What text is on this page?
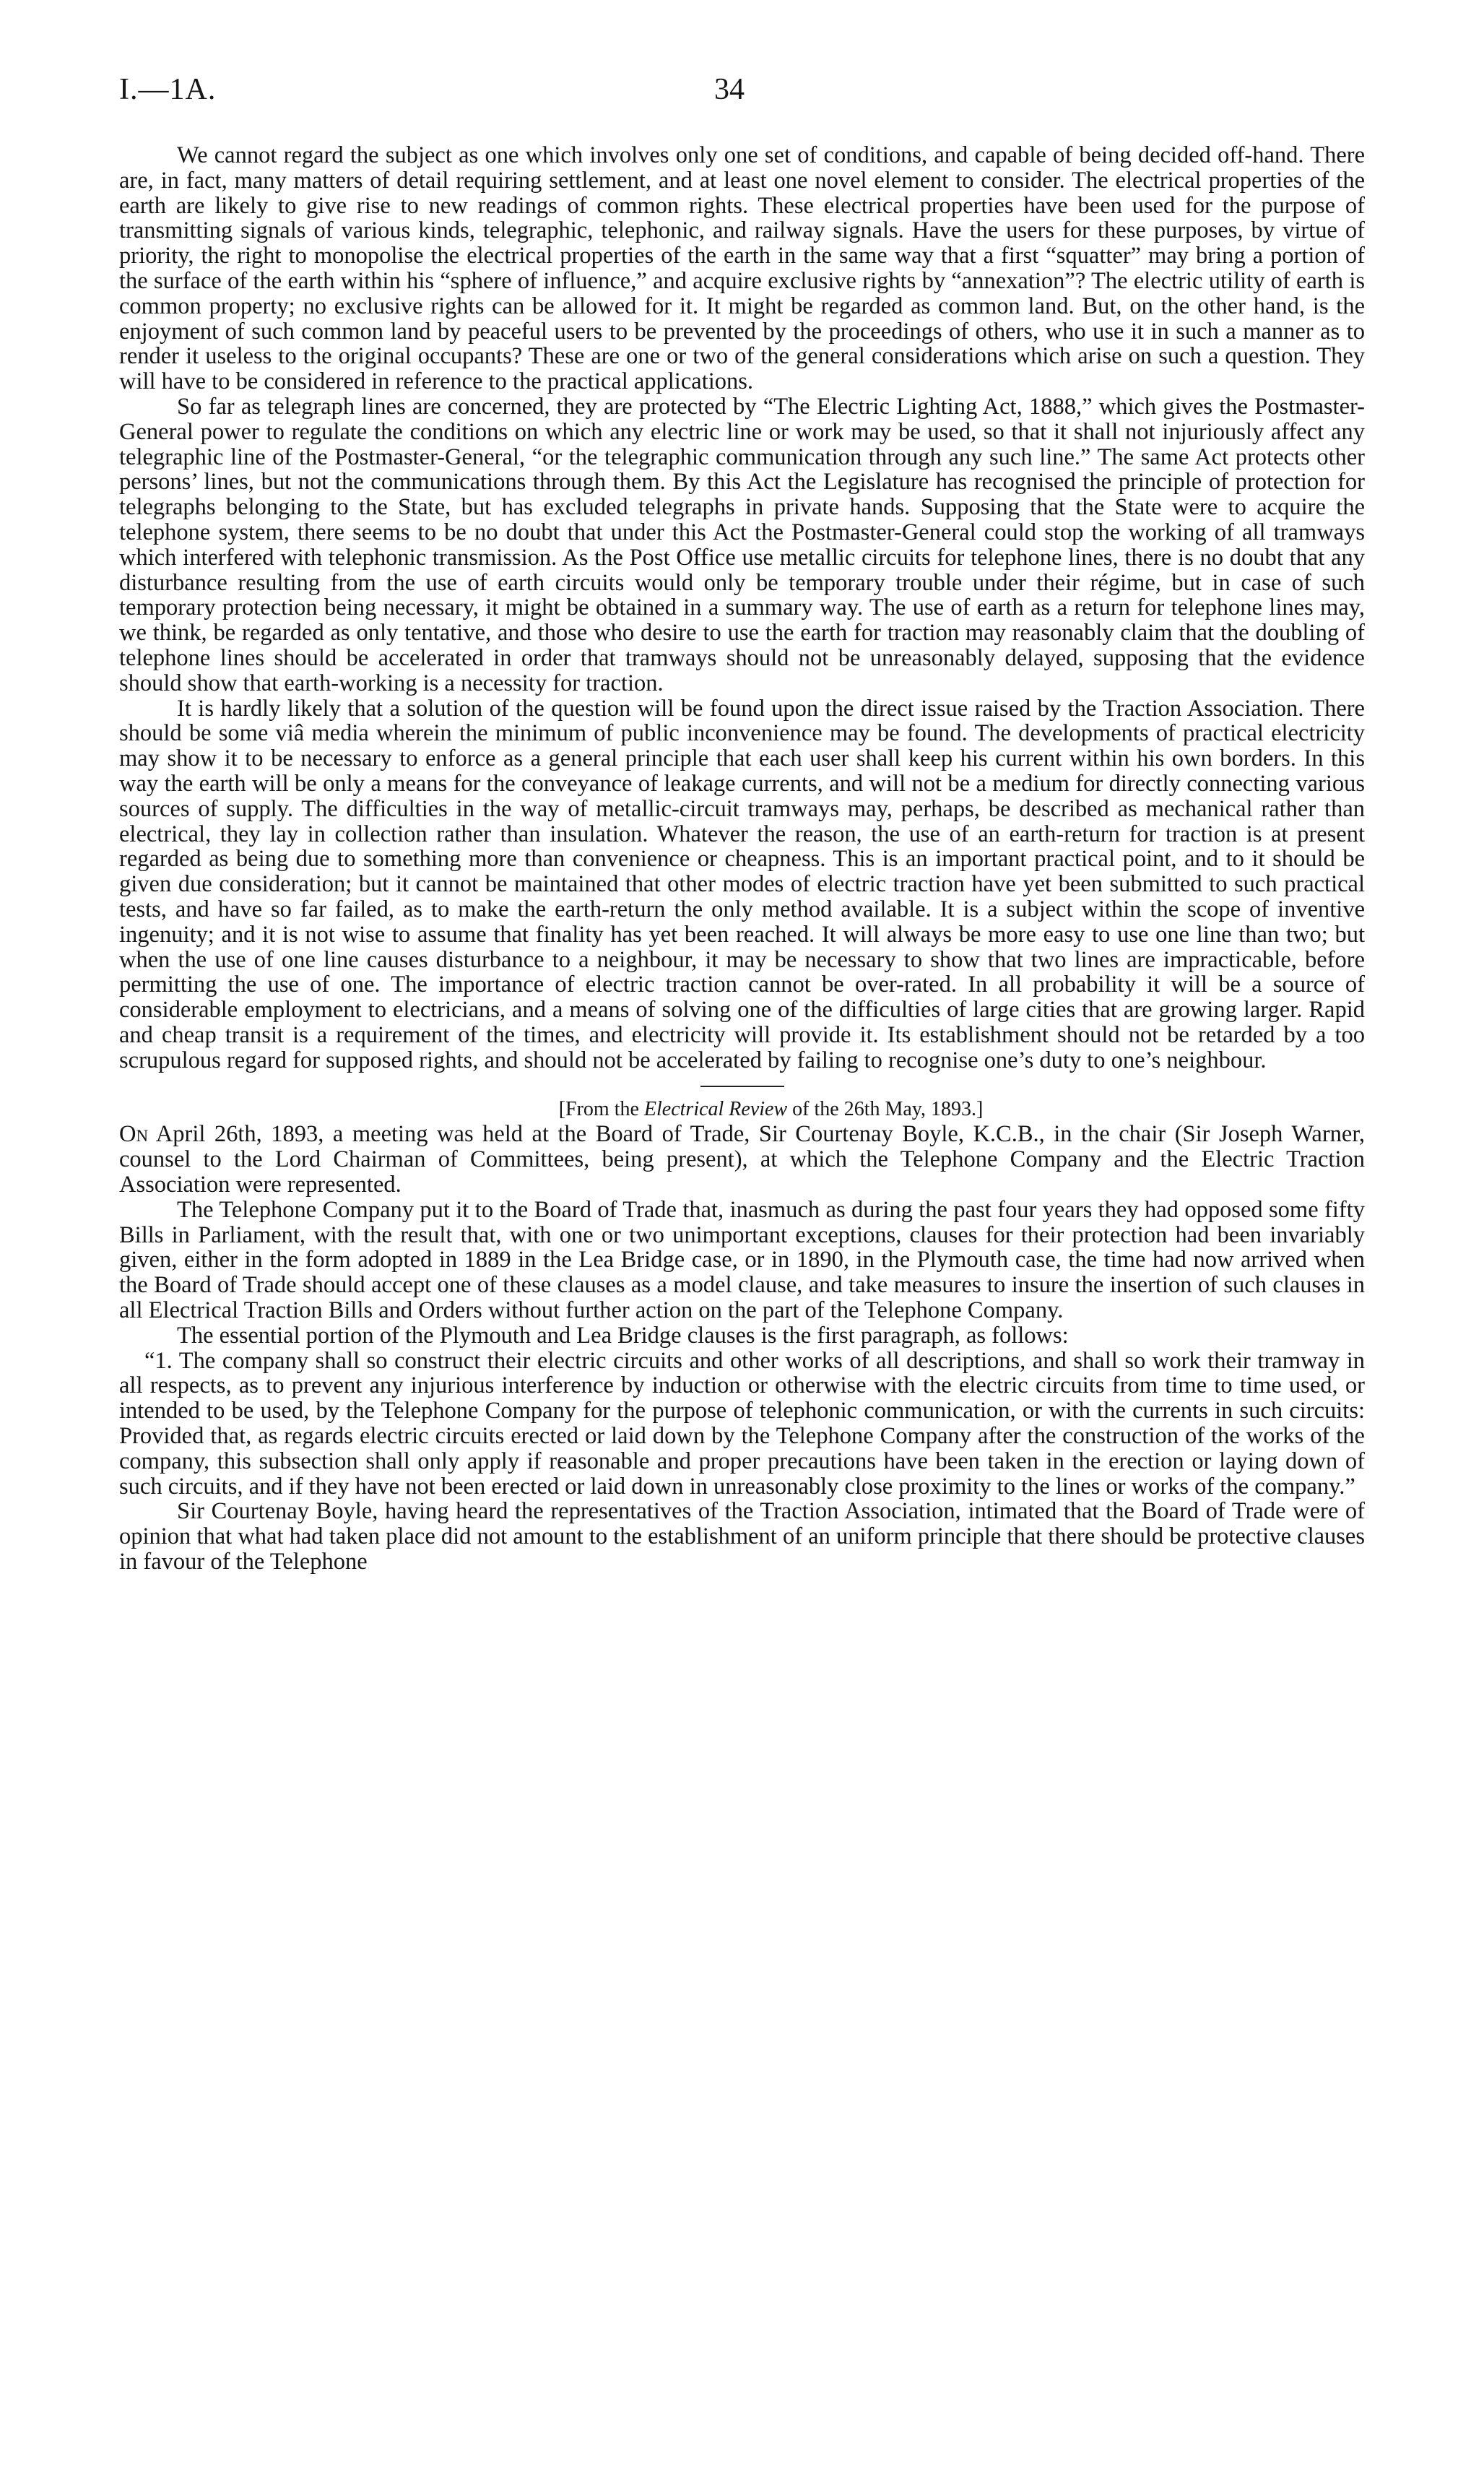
I.—1A.	34

We cannot regard the subject as one which involves only one set of conditions, and capable of being decided off-hand. There are, in fact, many matters of detail requiring settlement, and at least one novel element to consider. The electrical properties of the earth are likely to give rise to new readings of common rights. These electrical properties have been used for the purpose of transmitting signals of various kinds, telegraphic, telephonic, and railway signals. Have the users for these purposes, by virtue of priority, the right to monopolise the electrical properties of the earth in the same way that a first “squatter” may bring a portion of the surface of the earth within his “sphere of influence,” and acquire exclusive rights by “annexation”? The electric utility of earth is common property; no exclusive rights can be allowed for it. It might be regarded as common land. But, on the other hand, is the enjoyment of such common land by peaceful users to be prevented by the proceedings of others, who use it in such a manner as to render it useless to the original occupants? These are one or two of the general considerations which arise on such a question. They will have to be considered in reference to the practical applications.

So far as telegraph lines are concerned, they are protected by “The Electric Lighting Act, 1888,” which gives the Postmaster-General power to regulate the conditions on which any electric line or work may be used, so that it shall not injuriously affect any telegraphic line of the Postmaster-General, “or the telegraphic communication through any such line.” The same Act protects other persons’ lines, but not the communications through them. By this Act the Legislature has recognised the principle of protection for telegraphs belonging to the State, but has excluded telegraphs in private hands. Supposing that the State were to acquire the telephone system, there seems to be no doubt that under this Act the Postmaster-General could stop the working of all tramways which interfered with telephonic transmission. As the Post Office use metallic circuits for telephone lines, there is no doubt that any disturbance resulting from the use of earth circuits would only be temporary trouble under their régime, but in case of such temporary protection being necessary, it might be obtained in a summary way. The use of earth as a return for telephone lines may, we think, be regarded as only tentative, and those who desire to use the earth for traction may reasonably claim that the doubling of telephone lines should be accelerated in order that tramways should not be unreasonably delayed, supposing that the evidence should show that earth-working is a necessity for traction.

It is hardly likely that a solution of the question will be found upon the direct issue raised by the Traction Association. There should be some viâ media wherein the minimum of public inconvenience may be found. The developments of practical electricity may show it to be necessary to enforce as a general principle that each user shall keep his current within his own borders. In this way the earth will be only a means for the conveyance of leakage currents, and will not be a medium for directly connecting various sources of supply. The difficulties in the way of metallic-circuit tramways may, perhaps, be described as mechanical rather than electrical, they lay in collection rather than insulation. Whatever the reason, the use of an earth-return for traction is at present regarded as being due to something more than convenience or cheapness. This is an important practical point, and to it should be given due consideration; but it cannot be maintained that other modes of electric traction have yet been submitted to such practical tests, and have so far failed, as to make the earth-return the only method available. It is a subject within the scope of inventive ingenuity; and it is not wise to assume that finality has yet been reached. It will always be more easy to use one line than two; but when the use of one line causes disturbance to a neighbour, it may be necessary to show that two lines are impracticable, before permitting the use of one. The importance of electric traction cannot be over-rated. In all probability it will be a source of considerable employment to electricians, and a means of solving one of the difficulties of large cities that are growing larger. Rapid and cheap transit is a requirement of the times, and electricity will provide it. Its establishment should not be retarded by a too scrupulous regard for supposed rights, and should not be accelerated by failing to recognise one’s duty to one’s neighbour.

[From the Electrical Review of the 26th May, 1893.]

On April 26th, 1893, a meeting was held at the Board of Trade, Sir Courtenay Boyle, K.C.B., in the chair (Sir Joseph Warner, counsel to the Lord Chairman of Committees, being present), at which the Telephone Company and the Electric Traction Association were represented.

The Telephone Company put it to the Board of Trade that, inasmuch as during the past four years they had opposed some fifty Bills in Parliament, with the result that, with one or two unimportant exceptions, clauses for their protection had been invariably given, either in the form adopted in 1889 in the Lea Bridge case, or in 1890, in the Plymouth case, the time had now arrived when the Board of Trade should accept one of these clauses as a model clause, and take measures to insure the insertion of such clauses in all Electrical Traction Bills and Orders without further action on the part of the Telephone Company.

The essential portion of the Plymouth and Lea Bridge clauses is the first paragraph, as follows:

“1. The company shall so construct their electric circuits and other works of all descriptions, and shall so work their tramway in all respects, as to prevent any injurious interference by induction or otherwise with the electric circuits from time to time used, or intended to be used, by the Telephone Company for the purpose of telephonic communication, or with the currents in such circuits: Provided that, as regards electric circuits erected or laid down by the Telephone Company after the construction of the works of the company, this subsection shall only apply if reasonable and proper precautions have been taken in the erection or laying down of such circuits, and if they have not been erected or laid down in unreasonably close proximity to the lines or works of the company.”

Sir Courtenay Boyle, having heard the representatives of the Traction Association, intimated that the Board of Trade were of opinion that what had taken place did not amount to the establishment of an uniform principle that there should be protective clauses in favour of the Telephone
